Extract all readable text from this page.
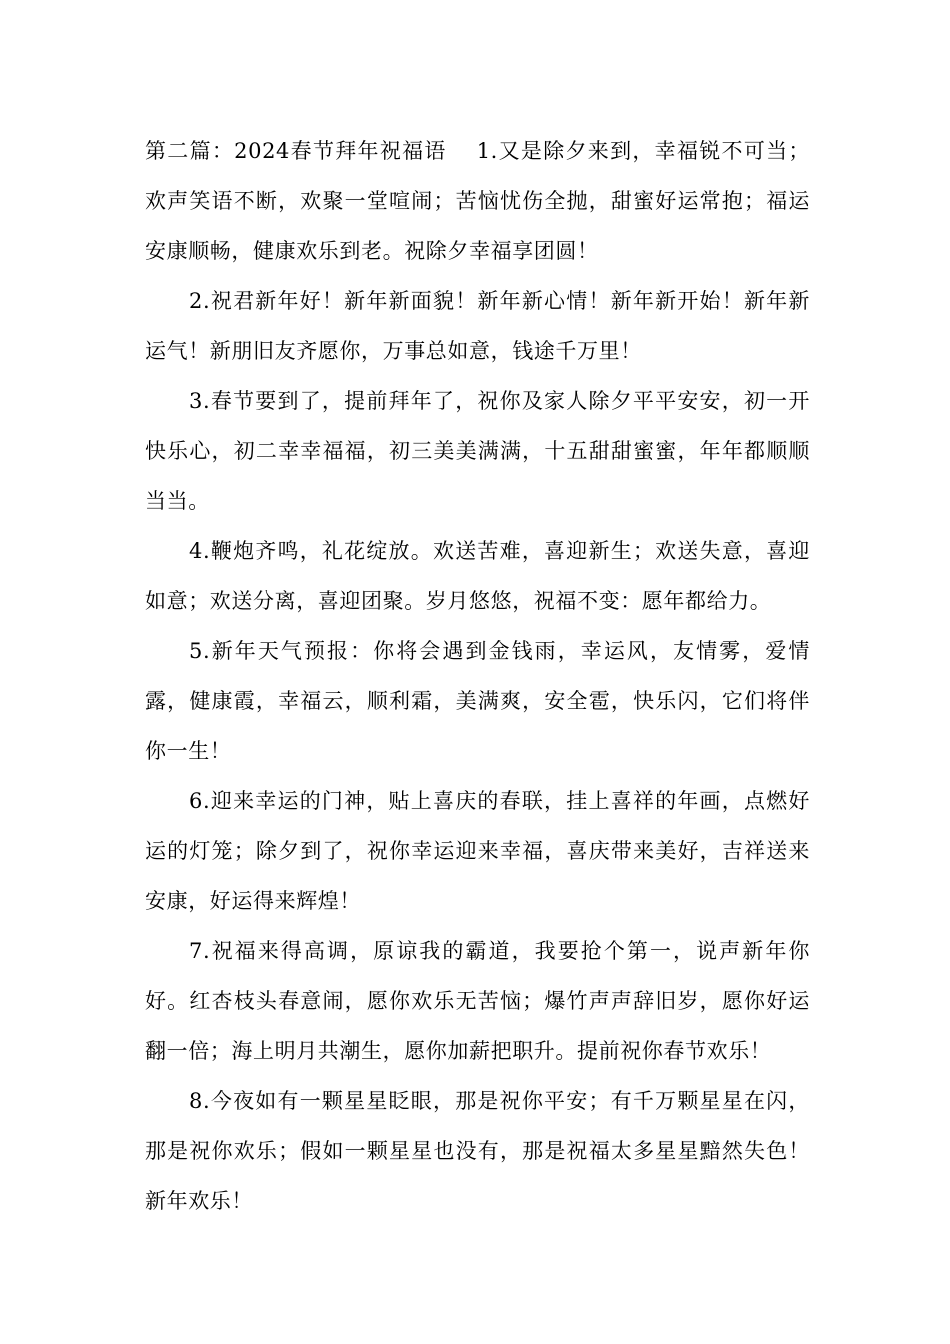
第二篇：2024春节拜年祝福语 1.又是除夕来到，幸福锐不可当；欢声笑语不断，欢聚一堂喧闹；苦恼忧伤全抛，甜蜜好运常抱；福运安康顺畅，健康欢乐到老。祝除夕幸福享团圆！

2.祝君新年好！新年新面貌！新年新心情！新年新开始！新年新运气！新朋旧友齐愿你，万事总如意，钱途千万里！

3.春节要到了，提前拜年了，祝你及家人除夕平平安安，初一开快乐心，初二幸幸福福，初三美美满满，十五甜甜蜜蜜，年年都顺顺当当。

4.鞭炮齐鸣，礼花绽放。欢送苦难，喜迎新生；欢送失意，喜迎如意；欢送分离，喜迎团聚。岁月悠悠，祝福不变：愿年都给力。

5.新年天气预报：你将会遇到金钱雨，幸运风，友情雾，爱情露，健康霞，幸福云，顺利霜，美满爽，安全雹，快乐闪，它们将伴你一生！

6.迎来幸运的门神，贴上喜庆的春联，挂上喜祥的年画，点燃好运的灯笼；除夕到了，祝你幸运迎来幸福，喜庆带来美好，吉祥送来安康，好运得来辉煌！

7.祝福来得高调，原谅我的霸道，我要抢个第一，说声新年你好。红杏枝头春意闹，愿你欢乐无苦恼；爆竹声声辞旧岁，愿你好运翻一倍；海上明月共潮生，愿你加薪把职升。提前祝你春节欢乐！

8.今夜如有一颗星星眨眼，那是祝你平安；有千万颗星星在闪，那是祝你欢乐；假如一颗星星也没有，那是祝福太多星星黯然失色！新年欢乐！
